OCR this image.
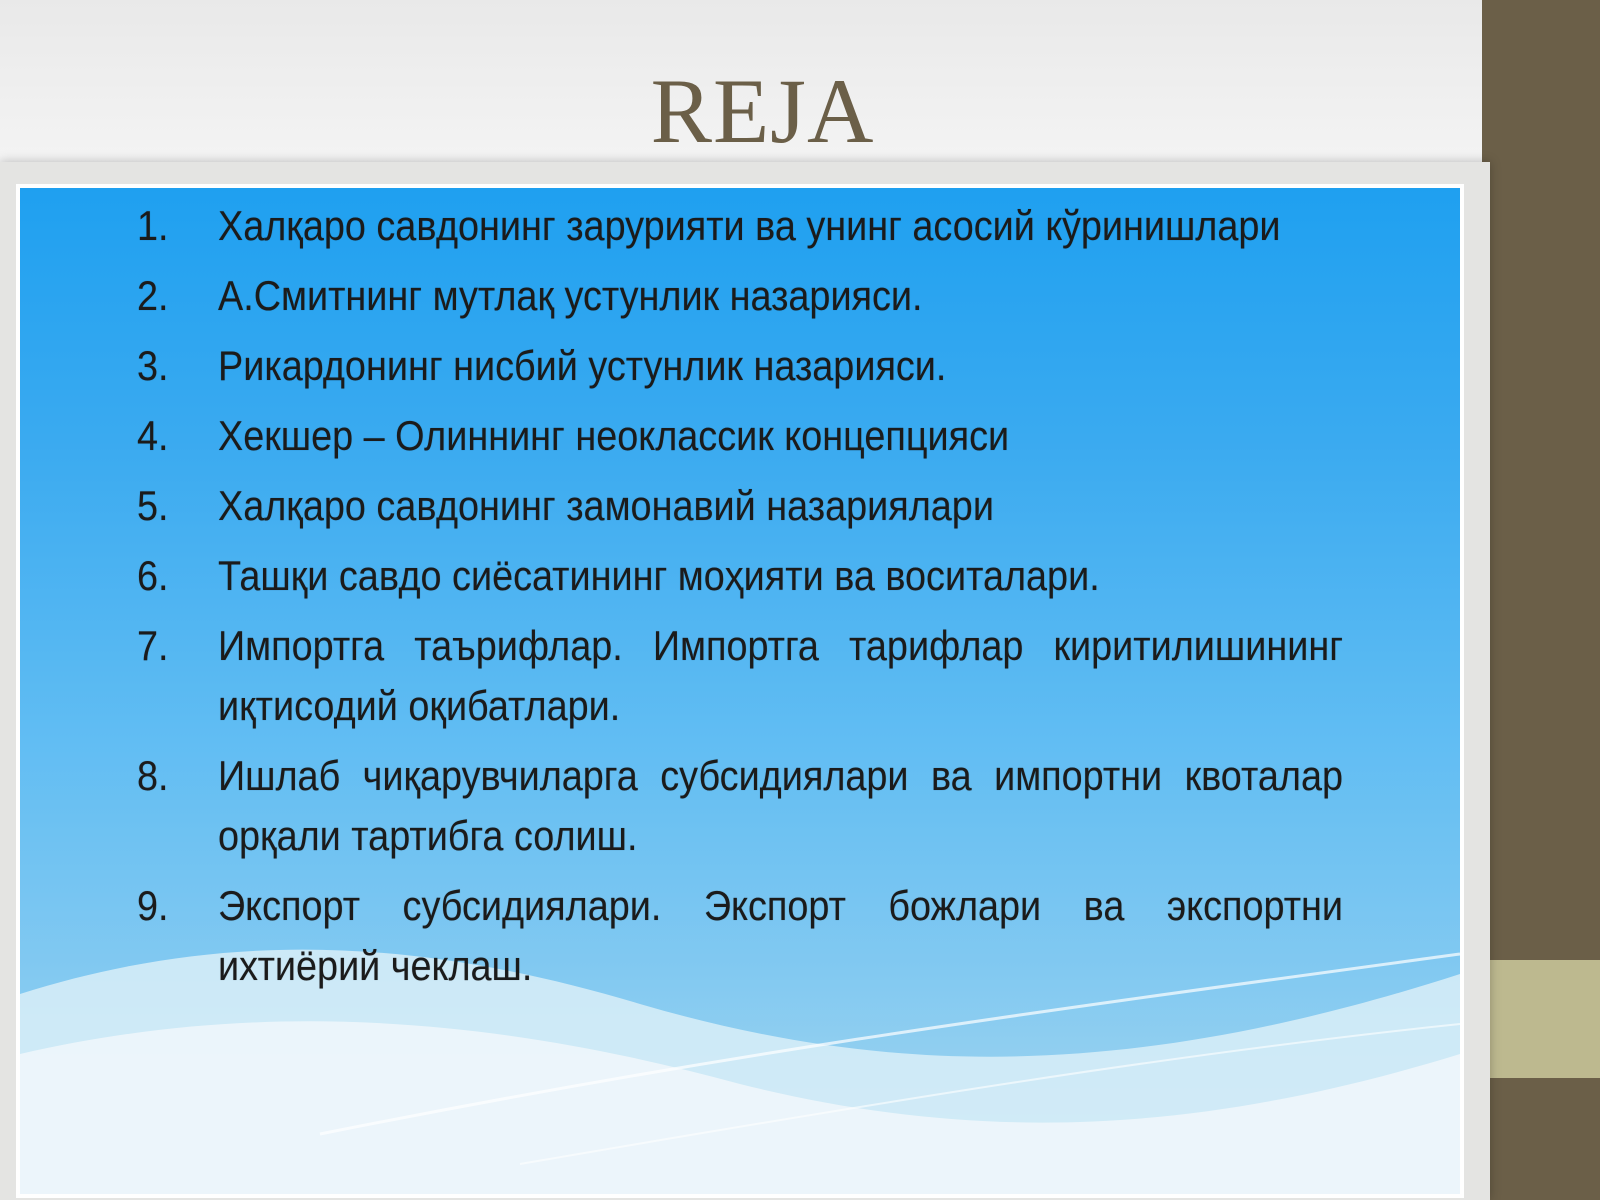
REJA
1.	Халқаро савдонинг зарурияти ва унинг асосий кўринишлари
2.	А.Смитнинг мутлақ устунлик назарияси.
3.	Рикардонинг нисбий устунлик назарияси.
4.	Хекшер – Олиннинг неоклассик концепцияси
5.	Халқаро савдонинг замонавий назариялари
6.	Ташқи савдо сиёсатининг моҳияти ва воситалари.
7.	Импортга таърифлар. Импортга тарифлар киритилишининг иқтисодий оқибатлари.
8.	Ишлаб чиқарувчиларга субсидиялари ва импортни квоталар орқали тартибга солиш.
9.	Экспорт субсидиялари. Экспорт божлари ва экспортни ихтиёрий чеклаш.
